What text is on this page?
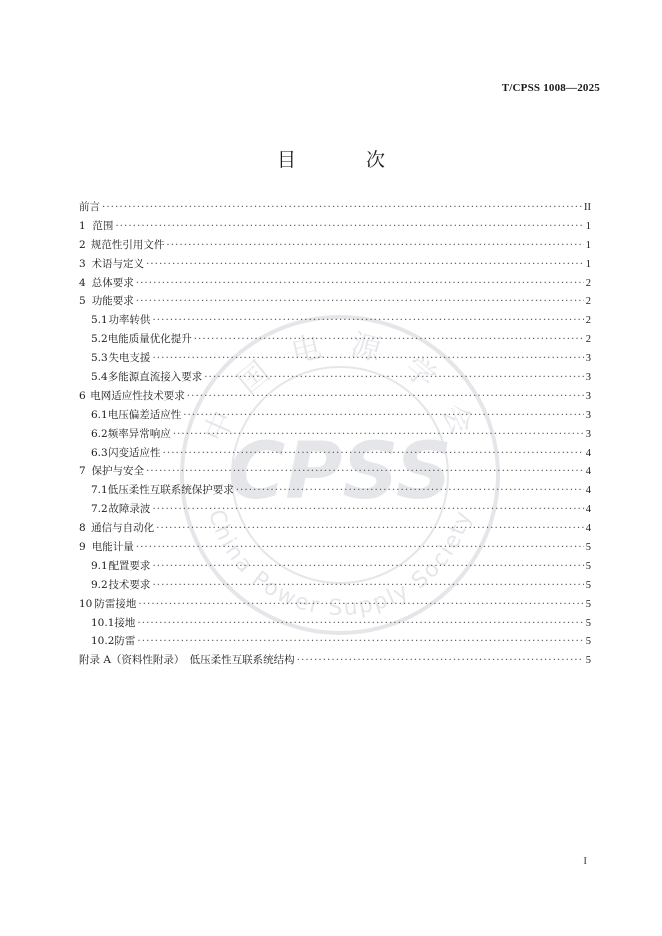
T/CPSS 1008—2025
目 次
中 国 电 源 学 会
CPSS
China Power Supply Society
前言 ·····	II
1 范围 ·····	1
2 规范性引用文件 ·····	1
3 术语与定义 ·····	1
4 总体要求 ·····	2
5 功能要求 ·····	2
5.1 功率转供 ·····	2
5.2 电能质量优化提升 ·····	2
5.3 失电支援 ·····	3
5.4 多能源直流接入要求 ·····	3
6 电网适应性技术要求 ·····	3
6.1 电压偏差适应性 ·····	3
6.2 频率异常响应 ·····	3
6.3 闪变适应性 ·····	4
7 保护与安全 ·····	4
7.1 低压柔性互联系统保护要求 ·····	4
7.2 故障录波 ·····	4
8 通信与自动化 ·····	4
9 电能计量 ·····	5
9.1 配置要求 ·····	5
9.2 技术要求 ·····	5
10 防雷接地 ·····	5
10.1 接地 ·····	5
10.2 防雷 ·····	5
附录 A（资料性附录）　低压柔性互联系统结构 ·····	5
I
